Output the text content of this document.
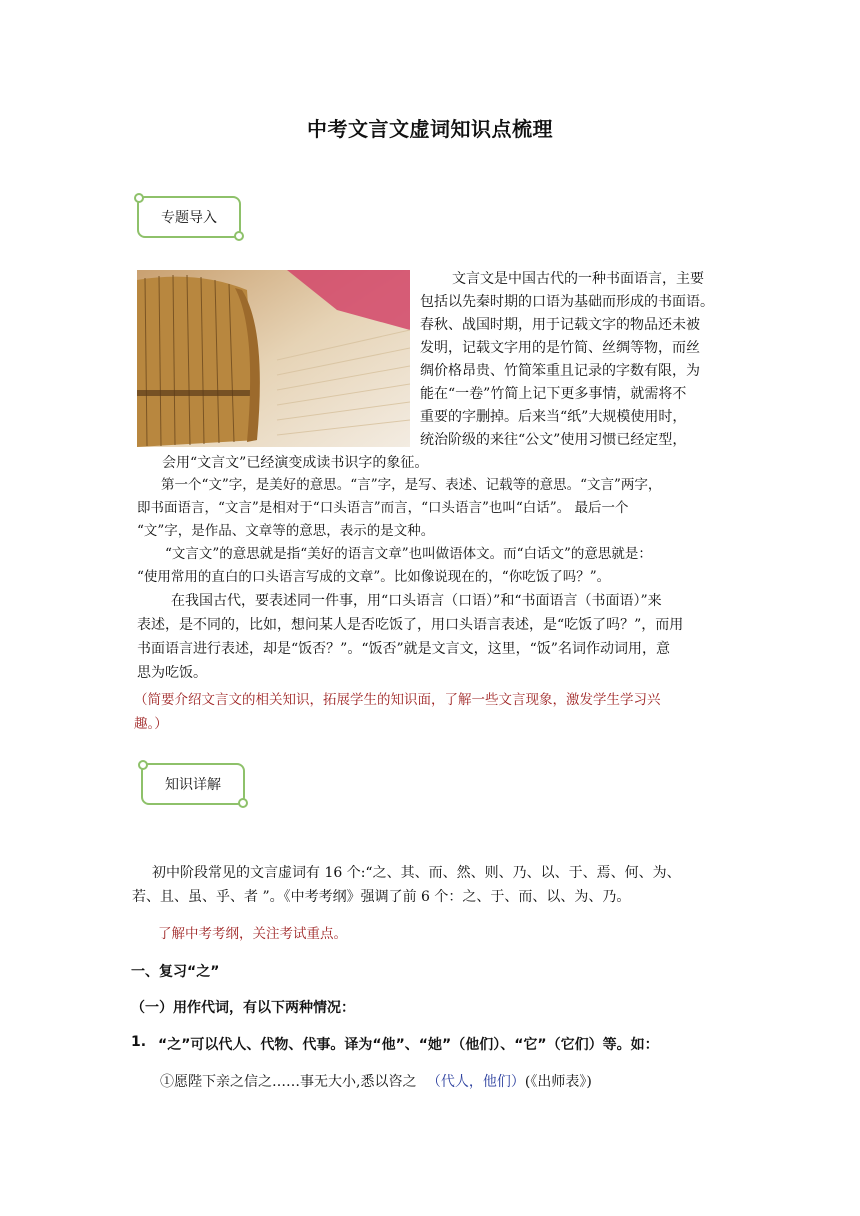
中考文言文虚词知识点梳理
专题导入
文言文是中国古代的一种书面语言，主要
包括以先秦时期的口语为基础而形成的书面语。
春秋、战国时期，用于记载文字的物品还未被
发明，记载文字用的是竹简、丝绸等物，而丝
绸价格昂贵、竹简笨重且记录的字数有限，为
能在“一卷”竹简上记下更多事情，就需将不
重要的字删掉。后来当“纸”大规模使用时，
统治阶级的来往“公文”使用习惯已经定型，
会用“文言文”已经演变成读书识字的象征。
第一个“文”字，是美好的意思。“言”字，是写、表述、记载等的意思。“文言”两字，
即书面语言，“文言”是相对于“口头语言”而言，“口头语言”也叫“白话”。 最后一个
“文”字，是作品、文章等的意思，表示的是文种。
“文言文”的意思就是指“美好的语言文章”也叫做语体文。而“白话文”的意思就是：
“使用常用的直白的口头语言写成的文章”。比如像说现在的，“你吃饭了吗？”。
在我国古代，要表述同一件事，用“口头语言（口语）”和“书面语言（书面语）”来
表述，是不同的，比如，想问某人是否吃饭了，用口头语言表述，是“吃饭了吗？”，而用
书面语言进行表述，却是“饭否？”。“饭否”就是文言文，这里，“饭”名词作动词用，意
思为吃饭。
（简要介绍文言文的相关知识，拓展学生的知识面，了解一些文言现象，激发学生学习兴
趣。）
知识详解
初中阶段常见的文言虚词有 16 个:“之、其、而、然、则、乃、以、于、焉、何、为、
若、且、虽、乎、者 ”。《中考考纲》强调了前 6 个：之、于、而、以、为、乃。
了解中考考纲，关注考试重点。
一、复习“之”
（一）用作代词，有以下两种情况：
1. “之”可以代人、代物、代事。译为“他”、“她”（他们）、“它”（它们）等。如：
①愿陛下亲之信之……事无大小,悉以咨之 （代人，他们）(《出师表》)
